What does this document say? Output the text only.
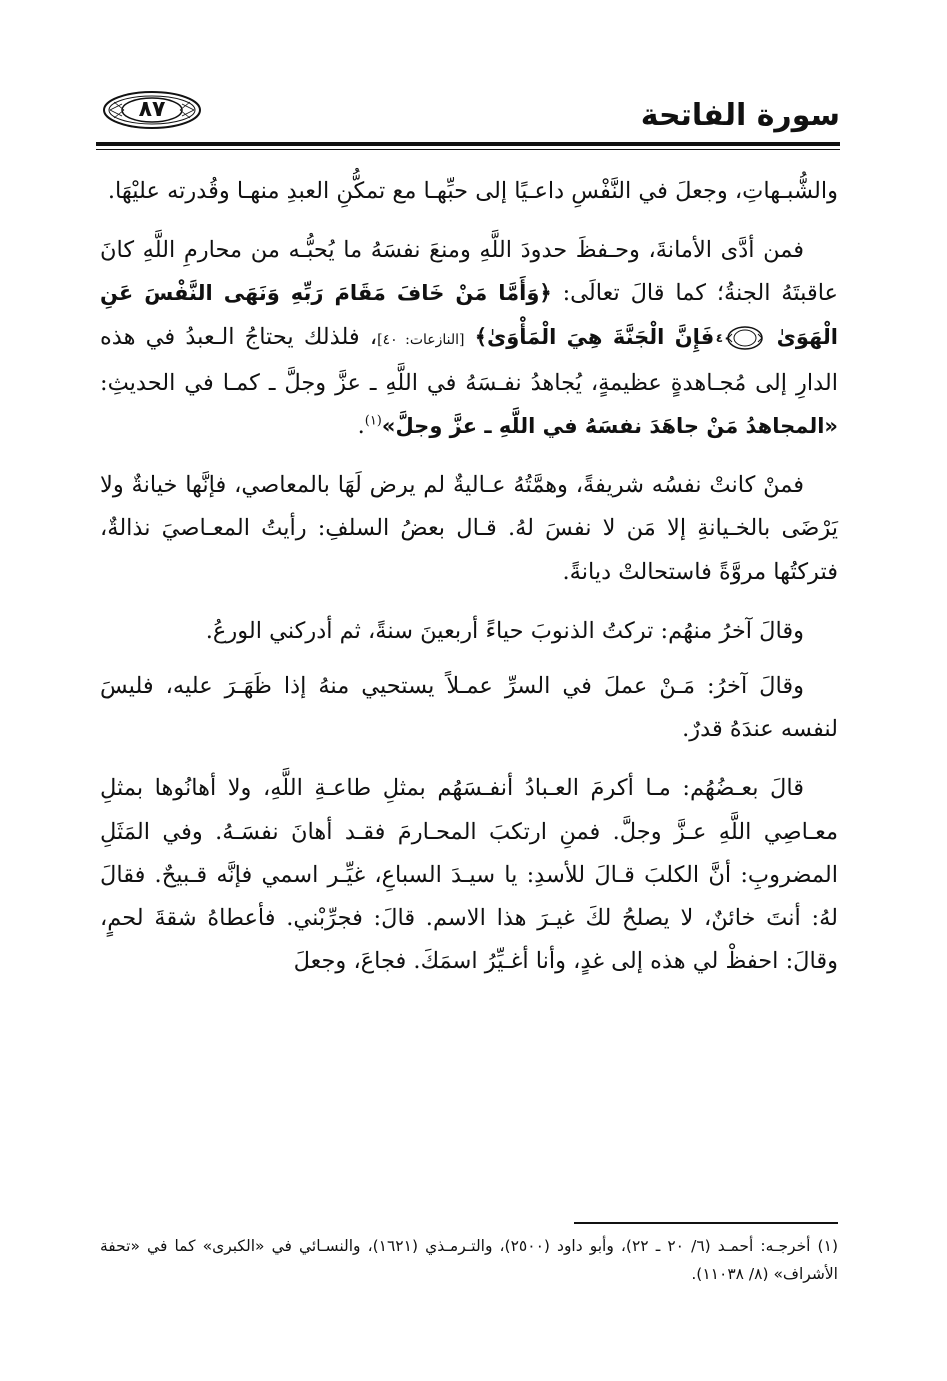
سورة الفاتحة
٨٧

والشُّبـهاتِ، وجعلَ في النَّفْسِ داعـيًا إلى حبِّهـا مع تمكُّنِ العبدِ منهـا وقُدرته عليْهَا.

فمن أدَّى الأمانةَ، وحـفظَ حدودَ اللَّهِ ومنعَ نفسَهُ ما يُحبُّـه من محارمِ اللَّهِ كانَ عاقبتَهُ الجنةُ؛ كما قالَ تعالَى: ﴿وَأَمَّا مَنْ خَافَ مَقَامَ رَبِّهِ وَنَهَى النَّفْسَ عَنِ الْهَوَىٰ
٤٠
فَإِنَّ الْجَنَّةَ هِيَ الْمَأْوَىٰ﴾ [النازعات: ٤٠]، فلذلك يحتاجُ الـعبدُ في هذه الدارِ إلى مُجـاهدةٍ عظيمةٍ، يُجاهدُ نفـسَهُ في اللَّهِ ـ عزَّ وجلَّ ـ كمـا في الحديثِ: «المجاهدُ مَنْ جاهَدَ نفسَهُ في اللَّهِ ـ عزَّ وجلَّ»$^{(١)}$.

فمنْ كانتْ نفسُه شريفةً، وهمَّتُهُ عـاليةٌ لم يرض لَهَا بالمعاصي، فإنَّها خيانةٌ ولا يَرْضَى بالخـيانةِ إلا مَن لا نفسَ لهُ. قـال بعضُ السلفِ: رأيتُ المعـاصيَ نذالةٌ، فتركتُها مروَّةً فاستحالتْ ديانةً.

وقالَ آخرُ منهُم: تركتُ الذنوبَ حياءً أربعينَ سنةً، ثم أدركني الورعُ.

وقالَ آخرُ: مَـنْ عملَ في السرِّ عمـلاً يستحيي منهُ إذا ظَهَـرَ عليه، فليسَ لنفسه عندَهُ قدرٌ.

قالَ بعـضُهُم: مـا أكرمَ العـبادُ أنفـسَهُم بمثلِ طاعـةِ اللَّهِ، ولا أهانُوها بمثلِ معـاصِي اللَّهِ عـزَّ وجلَّ. فمنِ ارتكبَ المحـارمَ فقـد أهانَ نفسَـهُ. وفي المَثَلِ المضروبِ: أنَّ الكلبَ قـالَ للأسدِ: يا سيـدَ السباعِ، غيِّـر اسمي فإنَّه قـبيحٌ. فقالَ لهُ: أنتَ خائنٌ، لا يصلحُ لكَ غيـرَ هذا الاسم. قالَ: فجرِّبْني. فأعطاهُ شقةَ لحمٍ، وقالَ: احفظْ لي هذه إلى غدٍ، وأنا أغـيِّرُ اسمَكَ. فجاعَ، وجعلَ

(١) أخرجـه: أحمـد (٦/ ٢٠ ـ ٢٢)، وأبو داود (٢٥٠٠)، والتـرمـذي (١٦٢١)، والنسـائي في «الكبرى» كما في «تحفة الأشراف» (٨/ ١١٠٣٨).
